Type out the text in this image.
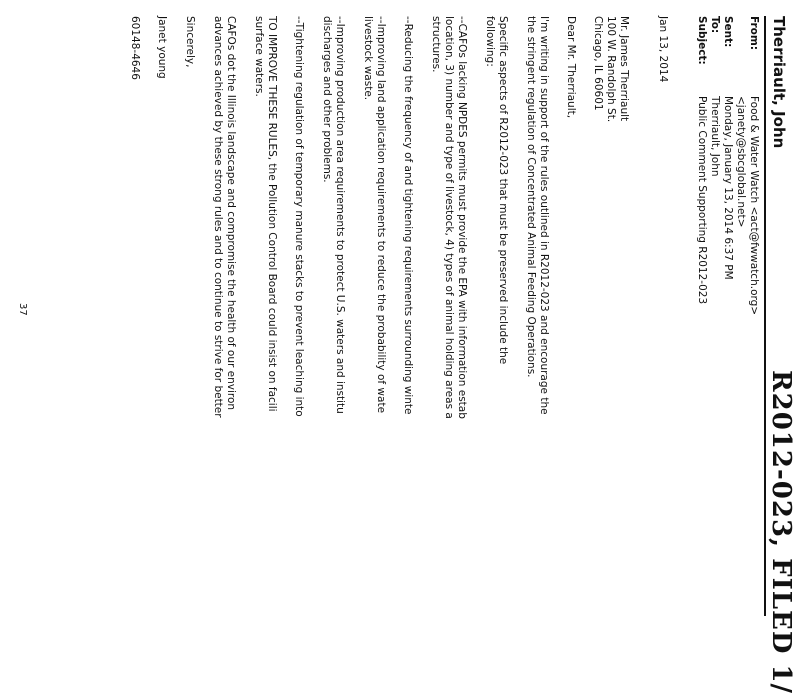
Therriault, John
R2012-023, FILED 1/
From:
Food & Water Watch <act@fwwatch.org>
<janety@sbcglobal.net>
Sent:
Monday, January 13, 2014 6:37 PM
To:
Therriault, John
Subject:
Public Comment Supporting R2012-023
Jan 13, 2014
Mr. James Therriault
100 W. Randolph St.
Chicago, IL 60601
Dear Mr. Therriault,
I'm writing in support of the rules outlined in R2012-023 and encourage the
the stringent regulation of Concentrated Animal Feeding Operations.
Specific aspects of R2012-023 that must be preserved include the
following:
--CAFOs lacking NPDES permits must provide the EPA with information estab
location, 3) number and type of livestock, 4) types of animal holding areas a
structures.
--Reducing the frequency of and tightening requirements surrounding winte
--Improving land application requirements to reduce the probability of wate
livestock waste.
--Improving production area requirements to protect U.S. waters and institu
discharges and other problems.
--Tightening regulation of temporary manure stacks to prevent leaching into
TO IMPROVE THESE RULES, the Pollution Control Board could insist on facili
surface waters.
CAFOs dot the Illinois landscape and compromise the health of our environ
advances achieved by these strong rules and to continue to strive for better
Sincerely,
Janet young
60148-4646
37
